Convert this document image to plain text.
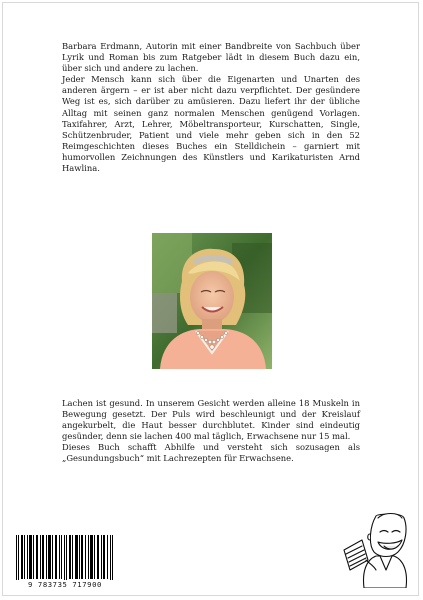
Barbara Erdmann, Autorin mit einer Bandbreite von Sachbuch über Lyrik und Roman bis zum Ratgeber lädt in diesem Buch dazu ein, über sich und andere zu lachen.

Jeder Mensch kann sich über die Eigenarten und Unarten des anderen ärgern – er ist aber nicht dazu verpflichtet. Der gesündere Weg ist es, sich darüber zu amüsieren. Dazu liefert ihr der übliche Alltag mit seinen ganz normalen Menschen genügend Vorlagen. Taxifahrer, Arzt, Lehrer, Möbeltransporteur, Kurschatten, Single, Schützenbruder, Patient und viele mehr geben sich in den 52 Reimgeschichten dieses Buches ein Stelldichein – garniert mit humorvollen Zeichnungen des Künstlers und Karikaturisten Arnd Hawlina.

Lachen ist gesund. In unserem Gesicht werden alleine 18 Muskeln in Bewegung gesetzt. Der Puls wird beschleunigt und der Kreislauf angekurbelt, die Haut besser durchblutet. Kinder sind eindeutig gesünder, denn sie lachen 400 mal täglich, Erwachsene nur 15 mal.

Dieses Buch schafft Abhilfe und versteht sich sozusagen als „Gesundungsbuch“ mit Lachrezepten für Erwachsene.

9 783735 717900
